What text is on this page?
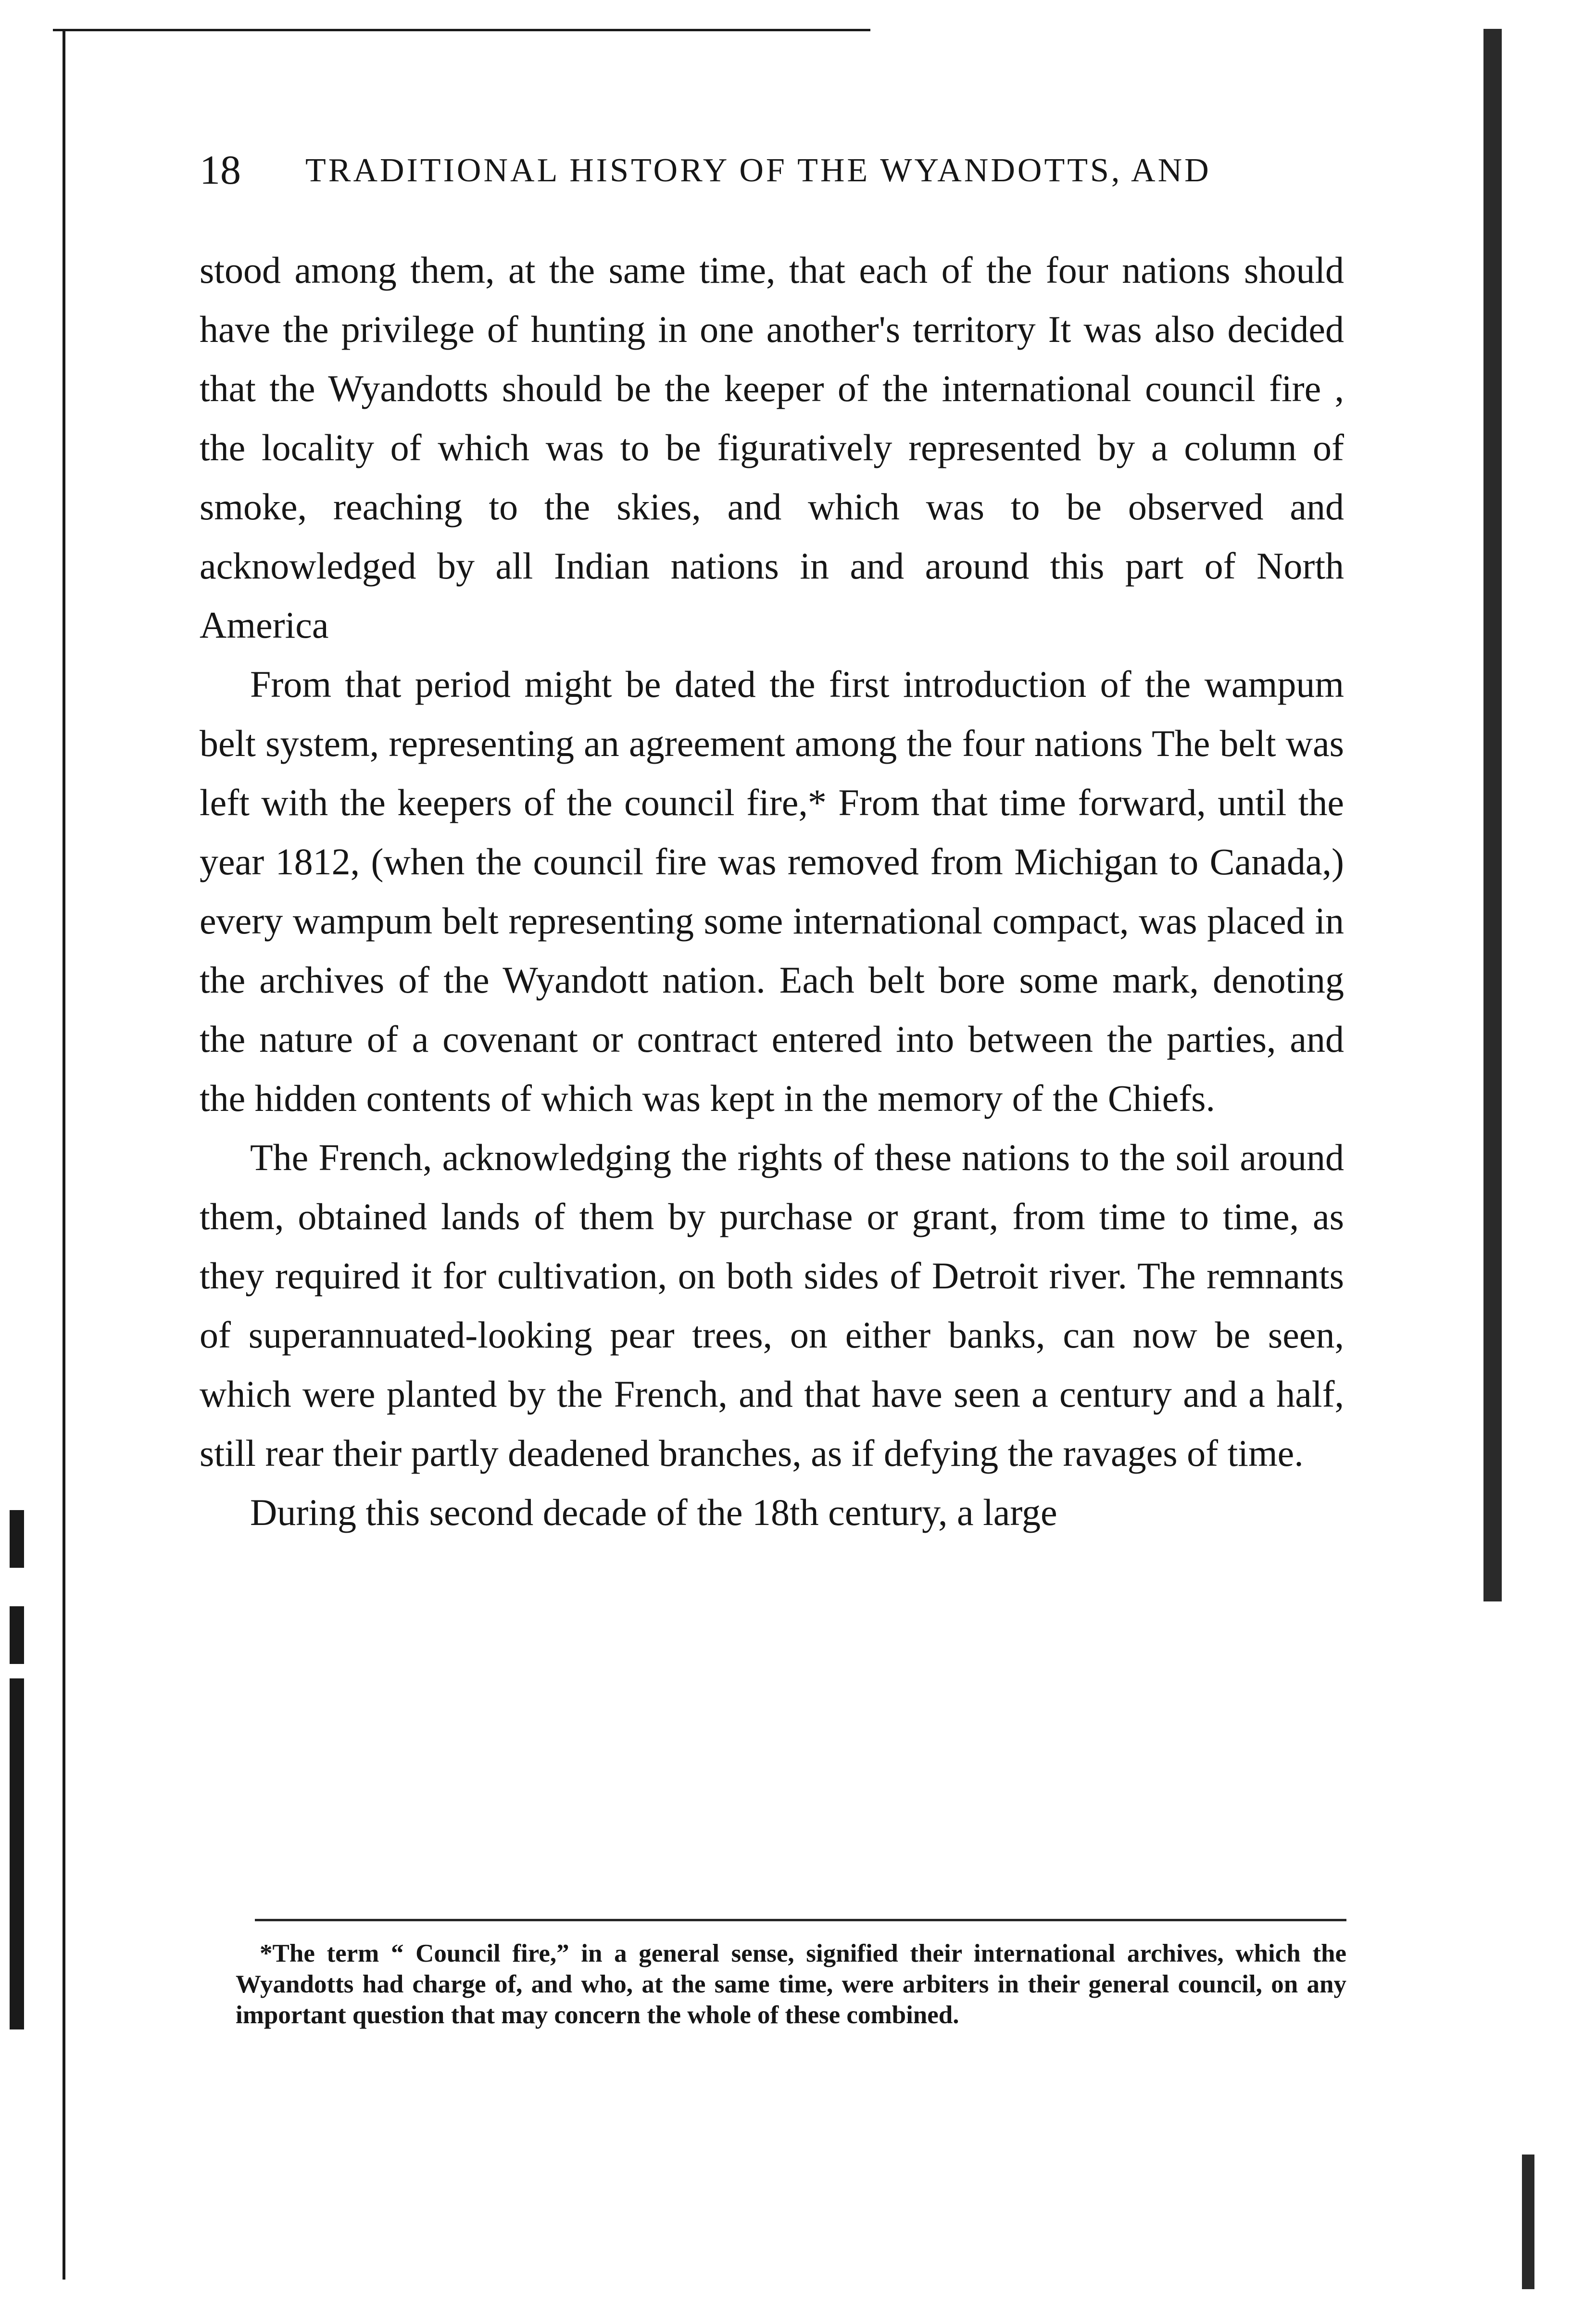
18 TRADITIONAL HISTORY OF THE WYANDOTTS, AND

stood among them, at the same time, that each of the four nations should have the privilege of hunting in one another's territory It was also decided that the Wyandotts should be the keeper of the international council fire , the locality of which was to be figuratively represented by a column of smoke, reaching to the skies, and which was to be observed and acknowledged by all Indian nations in and around this part of North America

From that period might be dated the first introduction of the wampum belt system, representing an agreement among the four nations The belt was left with the keepers of the council fire,* From that time forward, until the year 1812, (when the council fire was removed from Michigan to Canada,) every wampum belt representing some international compact, was placed in the archives of the Wyandott nation. Each belt bore some mark, denoting the nature of a covenant or contract entered into between the parties, and the hidden contents of which was kept in the memory of the Chiefs.

The French, acknowledging the rights of these nations to the soil around them, obtained lands of them by purchase or grant, from time to time, as they required it for cultivation, on both sides of Detroit river. The remnants of superannuated-looking pear trees, on either banks, can now be seen, which were planted by the French, and that have seen a century and a half, still rear their partly deadened branches, as if defying the ravages of time.

During this second decade of the 18th century, a large

*The term “ Council fire,” in a general sense, signified their international archives, which the Wyandotts had charge of, and who, at the same time, were arbiters in their general council, on any important question that may concern the whole of these combined.
